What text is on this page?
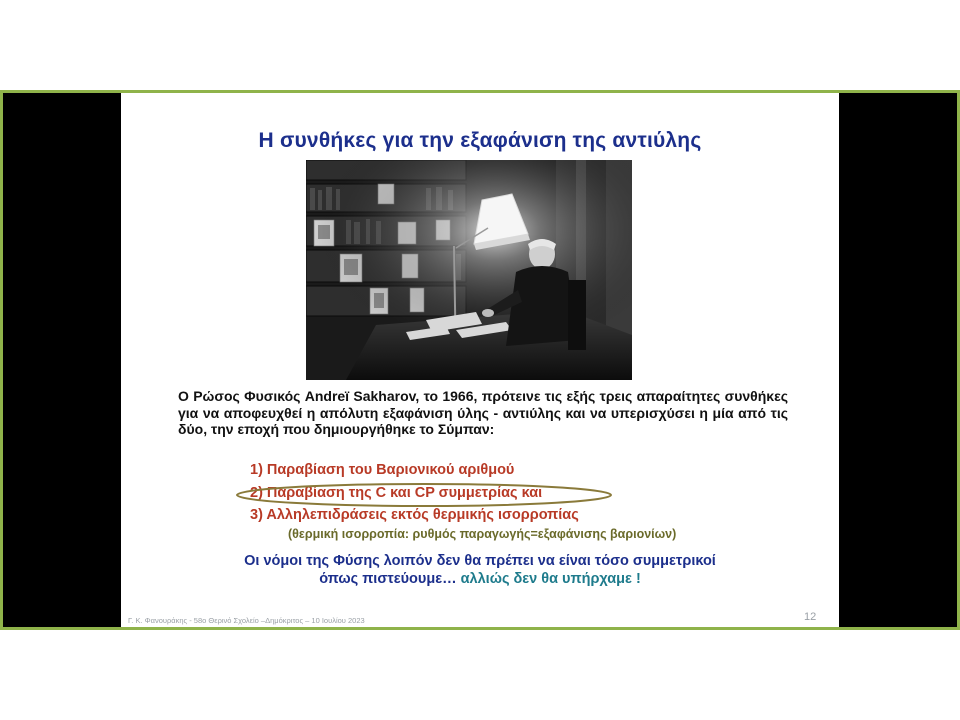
Η συνθήκες για την εξαφάνιση της αντιύλης
Ο Ρώσος Φυσικός Andreï Sakharov, το 1966, πρότεινε τις εξής τρεις απαραίτητες συνθήκες για να αποφευχθεί η απόλυτη εξαφάνιση ύλης - αντιύλης και να υπερισχύσει η μία από τις δύο, την εποχή που δημιουργήθηκε το Σύμπαν:
1) Παραβίαση του Βαριονικού αριθμού
2) Παραβίαση της C και CP συμμετρίας και
3) Αλληλεπιδράσεις εκτός θερμικής ισορροπίας
(θερμική ισορροπία: ρυθμός παραγωγής=εξαφάνισης βαριονίων)
Οι νόμοι της Φύσης λοιπόν δεν θα πρέπει να είναι τόσο συμμετρικοί
όπως πιστεύουμε… αλλιώς δεν θα υπήρχαμε !
Γ. Κ. Φανουράκης - 58ο Θερινό Σχολείο –Δημόκριτος – 10 Ιουλίου 2023	12
